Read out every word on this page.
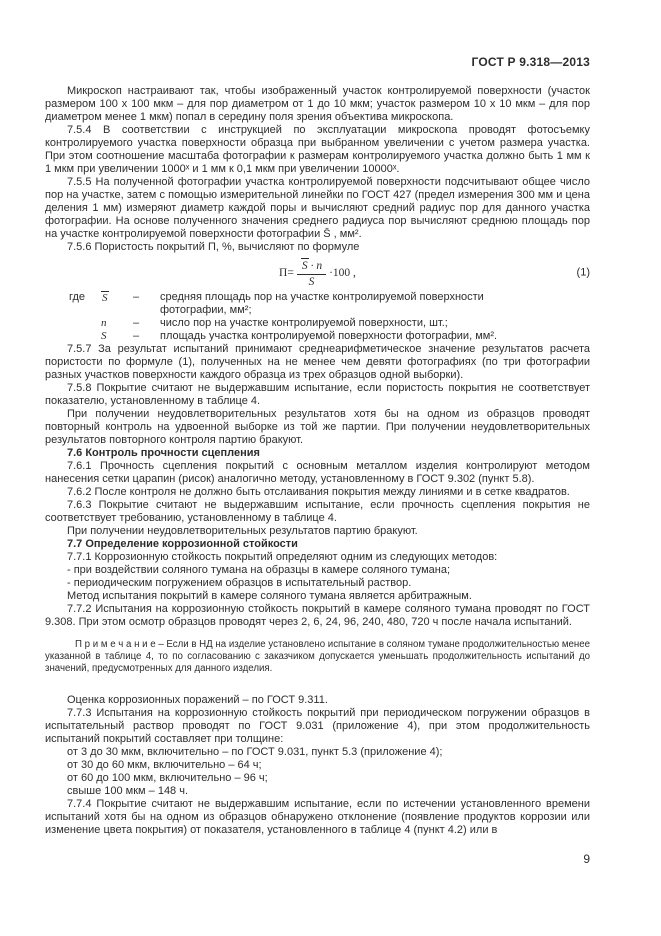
ГОСТ Р 9.318—2013

Микроскоп настраивают так, чтобы изображенный участок контролируемой поверхности (участок размером 100 х 100 мкм – для пор диаметром от 1 до 10 мкм; участок размером 10 х 10 мкм – для пор диаметром менее 1 мкм) попал в середину поля зрения объектива микроскопа.

7.5.4 В соответствии с инструкцией по эксплуатации микроскопа проводят фотосъемку контролируемого участка поверхности образца при выбранном увеличении с учетом размера участка. При этом соотношение масштаба фотографии к размерам контролируемого участка должно быть 1 мм к 1 мкм при увеличении 1000ˣ и 1 мм к 0,1 мкм при увеличении 10000ˣ.

7.5.5 На полученной фотографии участка контролируемой поверхности подсчитывают общее число пор на участке, затем с помощью измерительной линейки по ГОСТ 427 (предел измерения 300 мм и цена деления 1 мм) измеряют диаметр каждой поры и вычисляют средний радиус пор для данного участка фотографии. На основе полученного значения среднего радиуса пор вычисляют среднюю площадь пор на участке контролируемой поверхности фотографии S̄ , мм².

7.5.6 Пористость покрытий П, %, вычисляют по формуле

$П= \frac{S \cdot n}{S} \cdot 100$ ,	(1)
где	S	–	средняя площадь пор на участке контролируемой поверхности фотографии, мм²;
n	–	число пор на участке контролируемой поверхности, шт.;
S	–	площадь участка контролируемой поверхности фотографии, мм².

7.5.7 За результат испытаний принимают среднеарифметическое значение результатов расчета пористости по формуле (1), полученных на не менее чем девяти фотографиях (по три фотографии разных участков поверхности каждого образца из трех образцов одной выборки).

7.5.8 Покрытие считают не выдержавшим испытание, если пористость покрытия не соответствует показателю, установленному в таблице 4.

При получении неудовлетворительных результатов хотя бы на одном из образцов проводят повторный контроль на удвоенной выборке из той же партии. При получении неудовлетворительных результатов повторного контроля партию бракуют.

7.6 Контроль прочности сцепления

7.6.1 Прочность сцепления покрытий с основным металлом изделия контролируют методом нанесения сетки царапин (рисок) аналогично методу, установленному в ГОСТ 9.302 (пункт 5.8).

7.6.2 После контроля не должно быть отслаивания покрытия между линиями и в сетке квадратов.

7.6.3 Покрытие считают не выдержавшим испытание, если прочность сцепления покрытия не соответствует требованию, установленному в таблице 4.

При получении неудовлетворительных результатов партию бракуют.

7.7 Определение коррозионной стойкости

7.7.1 Коррозионную стойкость покрытий определяют одним из следующих методов:

- при воздействии соляного тумана на образцы в камере соляного тумана;

- периодическим погружением образцов в испытательный раствор.

Метод испытания покрытий в камере соляного тумана является арбитражным.

7.7.2 Испытания на коррозионную стойкость покрытий в камере соляного тумана проводят по ГОСТ 9.308. При этом осмотр образцов проводят через 2, 6, 24, 96, 240, 480, 720 ч после начала испытаний.

П р и м е ч а н и е – Если в НД на изделие установлено испытание в соляном тумане продолжительностью менее указанной в таблице 4, то по согласованию с заказчиком допускается уменьшать продолжительность испытаний до значений, предусмотренных для данного изделия.

Оценка коррозионных поражений – по ГОСТ 9.311.

7.7.3 Испытания на коррозионную стойкость покрытий при периодическом погружении образцов в испытательный раствор проводят по ГОСТ 9.031 (приложение 4), при этом продолжительность испытаний покрытий составляет при толщине:

от 3 до 30 мкм, включительно – по ГОСТ 9.031, пункт 5.3 (приложение 4);

от 30 до 60 мкм, включительно – 64 ч;

от 60 до 100 мкм, включительно – 96 ч;

свыше 100 мкм – 148 ч.

7.7.4 Покрытие считают не выдержавшим испытание, если по истечении установленного времени испытаний хотя бы на одном из образцов обнаружено отклонение (появление продуктов коррозии или изменение цвета покрытия) от показателя, установленного в таблице 4 (пункт 4.2) или в

9
